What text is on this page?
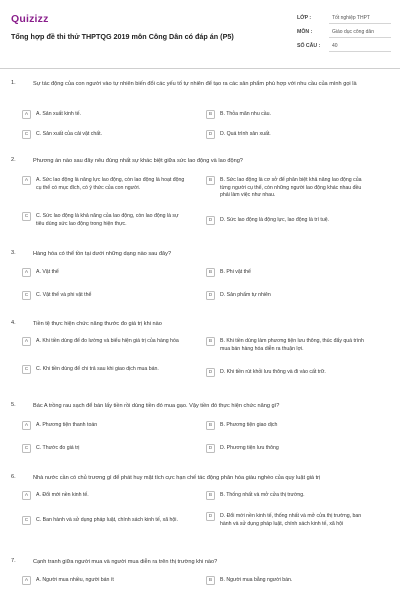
Quizizz
Tổng hợp đề thi thử THPTQG 2019 môn Công Dân có đáp án (P5)
LỚP :	Tốt nghiệp THPT
MÔN :	Giáo dục công dân
SỐ CÂU :	40
1.	Sự tác động của con người vào tự nhiên biến đổi các yếu tố tự nhiên để tạo ra các sản phẩm phù hợp với nhu cầu của mình gọi là
A	A. Sản xuất kinh tế.	B	B. Thỏa mãn nhu cầu.
C	C. Sản xuất của cải vật chất.	D	D. Quá trình sản xuất.
2.	Phương án nào sau đây nêu đúng nhất sự khác biệt giữa sức lao động và lao động?
A	A. Sức lao động là năng lực lao động, còn lao động là hoạt động cụ thể có mục đích, có ý thức của con người.
B	B. Sức lao động là cơ sở để phân biệt khả năng lao động của từng người cụ thể, còn những người lao động khác nhau đều phải làm việc như nhau.
C	C. Sức lao động là khả năng của lao động, còn lao động là sự tiêu dùng sức lao động trong hiện thực.
D	D. Sức lao động là động lực, lao động là trí tuệ.
3.	Hàng hóa có thể tồn tại dưới những dạng nào sau đây?
A	A. Vật thể	B	B. Phi vật thể
C	C. Vật thể và phi vật thể	D	D. Sản phẩm tự nhiên
4.	Tiền tệ thực hiện chức năng thước đo giá trị khi nào
A	A. Khi tiền dùng để đo lường và biểu hiện giá trị của hàng hóa	B	B. Khi tiền dùng làm phương tiện lưu thông, thúc đẩy quá trình mua bán hàng hóa diễn ra thuận lợi.
C	C. Khi tiền dùng để chi trả sau khi giao dịch mua bán.
D	D. Khi tiền rút khỏi lưu thông và đi vào cất trữ.
5.	Bác A trồng rau sạch để bán lấy tiền rồi dùng tiền đó mua gạo. Vậy tiền đó thực hiện chức năng gì?
A	A. Phương tiện thanh toán	B	B. Phương tiện giao dịch
C	C. Thước đo giá trị	D	D. Phương tiện lưu thông
6.	Nhà nước cần có chủ trương gì để phát huy mặt tích cực hạn chế tác động phân hóa giàu nghèo của quy luật giá trị
A	A. Đổi mới nền kinh tế.	B	B. Thống nhất và mở cửa thị trường.
C	C. Ban hành và sử dụng pháp luật, chính sách kinh tế, xã hội.
D	D. Đổi mới nền kinh tế, thống nhất và mở cửa thị trường, ban hành và sử dụng pháp luật, chính sách kinh tế, xã hội
7.	Cạnh tranh giữa người mua và người mua diễn ra trên thị trường khi nào?
A	A. Người mua nhiều, người bán ít	B	B. Người mua bằng người bán.
